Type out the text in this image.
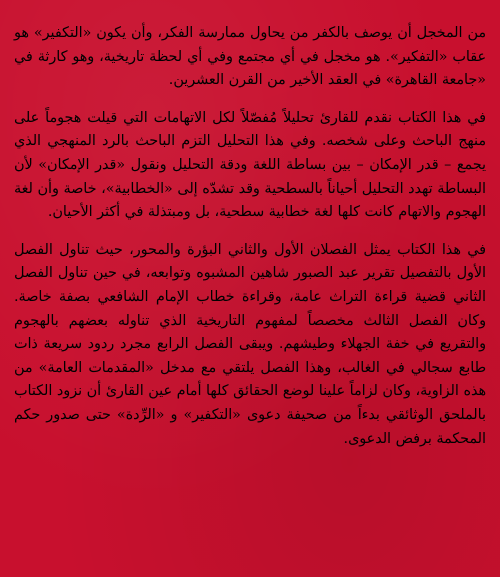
من المخجل أن يوصف بالكفر من يحاول ممارسة الفكر، وأن يكون «التكفير» هو عقاب «التفكير». هو مخجل في أي مجتمع وفي أي لحظة تاريخية، وهو كارثة في «جامعة القاهرة» في العقد الأخير من القرن العشرين.

في هذا الكتاب نقدم للقارئ تحليلاً مُفصّلاً لكل الاتهامات التي قيلت هجوماً على منهج الباحث وعلى شخصه. وفي هذا التحليل التزم الباحث بالرد المنهجي الذي يجمع – قدر الإمكان – بين بساطة اللغة ودقة التحليل ونقول «قدر الإمكان» لأن البساطة تهدد التحليل أحياناً بالسطحية وقد تشدّه إلى «الخطابية»، خاصة وأن لغة الهجوم والاتهام كانت كلها لغة خطابية سطحية، بل ومبتذلة في أكثر الأحيان.

في هذا الكتاب يمثل الفصلان الأول والثاني البؤرة والمحور، حيث تناول الفصل الأول بالتفصيل تقرير عبد الصبور شاهين المشبوه وتوابعه، في حين تناول الفصل الثاني قضية قراءة التراث عامة، وقراءة خطاب الإمام الشافعي بصفة خاصة. وكان الفصل الثالث مخصصاً لمفهوم التاريخية الذي تناوله بعضهم بالهجوم والتقريع في خفة الجهلاء وطيشهم. ويبقى الفصل الرابع مجرد ردود سريعة ذات طابع سجالي في الغالب، وهذا الفصل يلتقي مع مدخل «المقدمات العامة» من هذه الزاوية، وكان لزاماً علينا لوضع الحقائق كلها أمام عين القارئ أن نزود الكتاب بالملحق الوثائقي بدءاً من صحيفة دعوى «التكفير» و «الرِّدة» حتى صدور حكم المحكمة برفض الدعوى.
